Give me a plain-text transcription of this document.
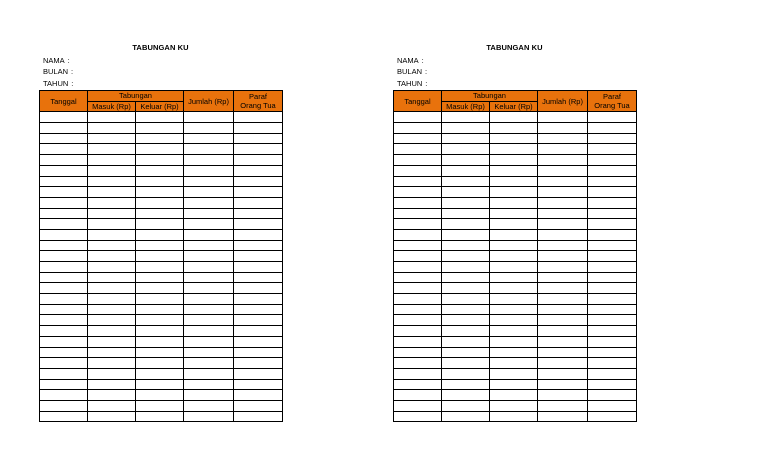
TABUNGAN KU
NAMA :
BULAN :
TAHUN :
Tanggal	Tabungan		Jumlah (Rp)	Paraf
Orang Tua
	Masuk (Rp)	Keluar (Rp)		

TABUNGAN KU
NAMA :
BULAN :
TAHUN :
Tanggal	Tabungan		Jumlah (Rp)	Paraf
Orang Tua
	Masuk (Rp)	Keluar (Rp)		
